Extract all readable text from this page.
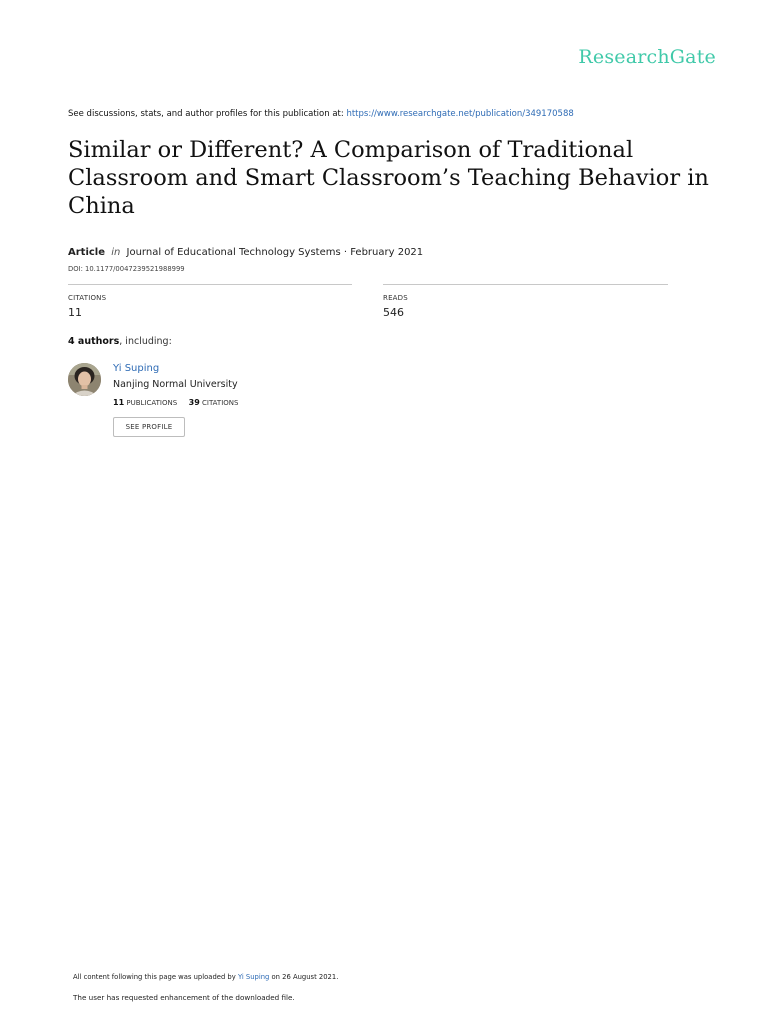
ResearchGate
See discussions, stats, and author profiles for this publication at: https://www.researchgate.net/publication/349170588
Similar or Different? A Comparison of Traditional Classroom and Smart Classroom’s Teaching Behavior in China
Article in Journal of Educational Technology Systems · February 2021
DOI: 10.1177/0047239521988999
CITATIONS
11
READS
546
4 authors, including:
Yi Suping
Nanjing Normal University
11 PUBLICATIONS 39 CITATIONS
SEE PROFILE
All content following this page was uploaded by Yi Suping on 26 August 2021.
The user has requested enhancement of the downloaded file.
